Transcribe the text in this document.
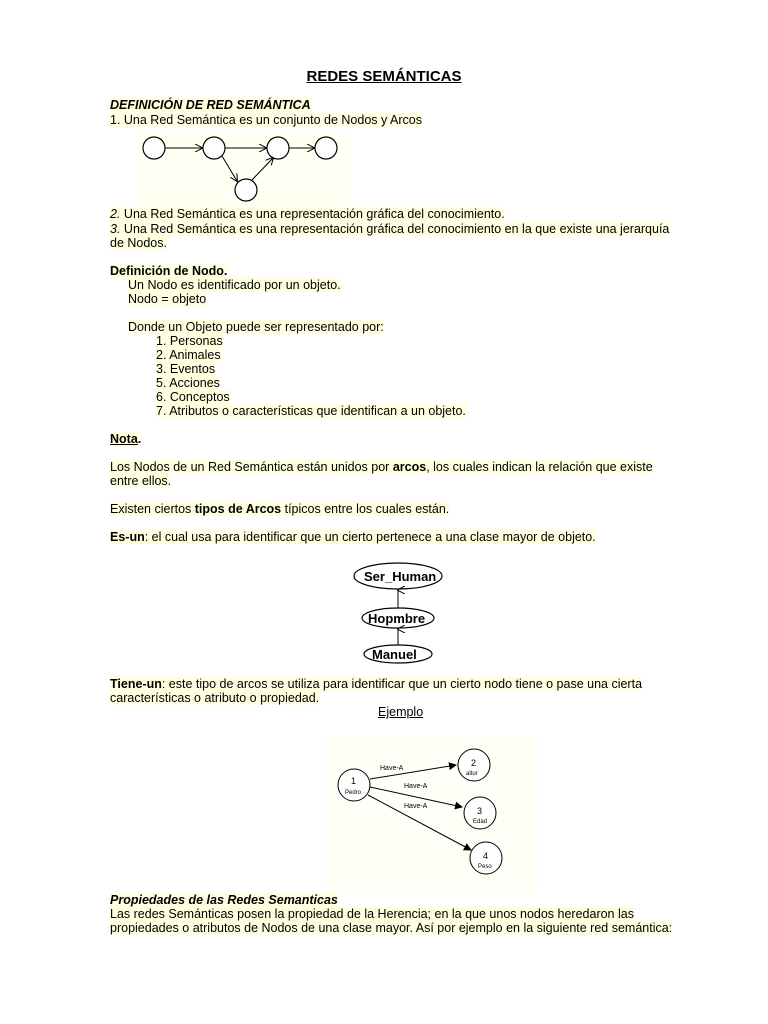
REDES SEMÁNTICAS
DEFINICIÓN DE RED SEMÁNTICA
1. Una Red Semántica es un conjunto de Nodos y Arcos
2. Una Red Semántica es una representación gráfica del conocimiento.
3. Una Red Semántica es una representación gráfica del conocimiento en la que existe una jerarquía
de Nodos.
Definición de Nodo.
Un Nodo es identificado por un objeto.
Nodo = objeto
Donde un Objeto puede ser representado por:
1. Personas
2. Animales
3. Eventos
5. Acciones
6. Conceptos
7. Atributos o características que identifican a un objeto.
Nota.
Los Nodos de un Red Semántica están unidos por arcos, los cuales indican la relación que existe
entre ellos.
Existen ciertos tipos de Arcos típicos entre los cuales están.
Es-un: el cual usa para identificar que un cierto pertenece a una clase mayor de objeto.
Ser_Human
Hopmbre
Manuel
Tiene-un: este tipo de arcos se utiliza para identificar que un cierto nodo tiene o pase una cierta
características o atributo o propiedad.
Ejemplo
Have-A
Have-A
Have-A
1
Pedro
2
altur
3
Edad
4
Peso
Propiedades de las Redes Semanticas
Las redes Semánticas posen la propiedad de la Herencia; en la que unos nodos heredaron las
propiedades o atributos de Nodos de una clase mayor. Así por ejemplo en la siguiente red semántica:
